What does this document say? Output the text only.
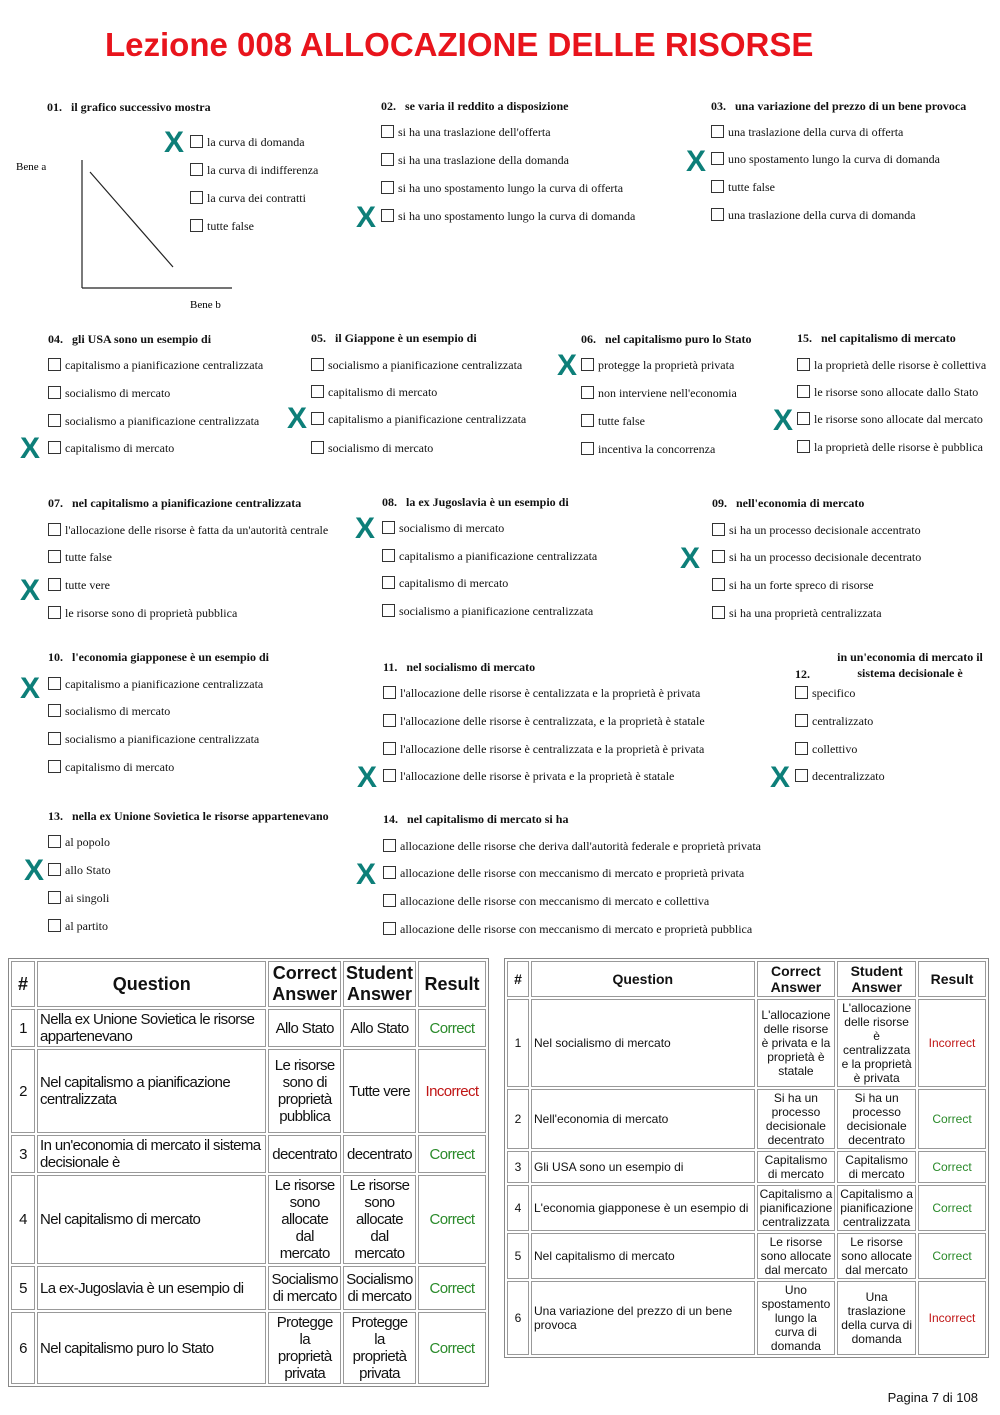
Lezione 008 ALLOCAZIONE DELLE RISORSE
01. il grafico successivo mostra
la curva di domanda
la curva di indifferenza
la curva dei contratti
tutte false
X
02. se varia il reddito a disposizione
si ha una traslazione dell'offerta
si ha una traslazione della domanda
si ha uno spostamento lungo la curva di offerta
si ha uno spostamento lungo la curva di domanda
X
03. una variazione del prezzo di un bene provoca
una traslazione della curva di offerta
uno spostamento lungo la curva di domanda
tutte false
una traslazione della curva di domanda
X
04. gli USA sono un esempio di
capitalismo a pianificazione centralizzata
socialismo di mercato
socialismo a pianificazione centralizzata
capitalismo di mercato
X
05. il Giappone è un esempio di
socialismo a pianificazione centralizzata
capitalismo di mercato
capitalismo a pianificazione centralizzata
socialismo di mercato
X
06. nel capitalismo puro lo Stato
protegge la proprietà privata
non interviene nell'economia
tutte false
incentiva la concorrenza
X
15. nel capitalismo di mercato
la proprietà delle risorse è collettiva
le risorse sono allocate dallo Stato
le risorse sono allocate dal mercato
la proprietà delle risorse è pubblica
X
07. nel capitalismo a pianificazione centralizzata
l'allocazione delle risorse è fatta da un'autorità centrale
tutte false
tutte vere
le risorse sono di proprietà pubblica
X
08. la ex Jugoslavia è un esempio di
socialismo di mercato
capitalismo a pianificazione centralizzata
capitalismo di mercato
socialismo a pianificazione centralizzata
X
09. nell'economia di mercato
si ha un processo decisionale accentrato
si ha un processo decisionale decentrato
si ha un forte spreco di risorse
si ha una proprietà centralizzata
X
10. l'economia giapponese è un esempio di
capitalismo a pianificazione centralizzata
socialismo di mercato
socialismo a pianificazione centralizzata
capitalismo di mercato
X
11. nel socialismo di mercato
l'allocazione delle risorse è centalizzata e la proprietà è privata
l'allocazione delle risorse è centralizzata, e la proprietà è statale
l'allocazione delle risorse è centralizzata e la proprietà è privata
l'allocazione delle risorse è privata e la proprietà è statale
X
12.
in un'economia di mercato il sistema decisionale è
specifico
centralizzato
collettivo
decentralizzato
X
13. nella ex Unione Sovietica le risorse appartenevano
al popolo
allo Stato
ai singoli
al partito
X
14. nel capitalismo di mercato si ha
allocazione delle risorse che deriva dall'autorità federale e proprietà privata
allocazione delle risorse con meccanismo di mercato e proprietà privata
allocazione delle risorse con meccanismo di mercato e collettiva
allocazione delle risorse con meccanismo di mercato e proprietà pubblica
X
Bene a
Bene b
#	Question	Correct Answer	Student Answer	Result
1	Nella ex Unione Sovietica le risorse appartenevano	Allo Stato	Allo Stato	Correct
2	Nel capitalismo a pianificazione centralizzata	Le risorse sono di proprietà pubblica	Tutte vere	Incorrect
3	In un'economia di mercato il sistema decisionale è	decentrato	decentrato	Correct
4	Nel capitalismo di mercato	Le risorse sono allocate dal mercato	Le risorse sono allocate dal mercato	Correct
5	La ex-Jugoslavia è un esempio di	Socialismo di mercato	Socialismo di mercato	Correct
6	Nel capitalismo puro lo Stato	Protegge la proprietà privata	Protegge la proprietà privata	Correct
#	Question	Correct Answer	Student Answer	Result
1	Nel socialismo di mercato	L'allocazione delle risorse è privata e la proprietà è statale	L'allocazione delle risorse è centralizzata e la proprietà è privata	Incorrect
2	Nell'economia di mercato	Si ha un processo decisionale decentrato	Si ha un processo decisionale decentrato	Correct
3	Gli USA sono un esempio di	Capitalismo di mercato	Capitalismo di mercato	Correct
4	L'economia giapponese è un esempio di	Capitalismo a pianificazione centralizzata	Capitalismo a pianificazione centralizzata	Correct
5	Nel capitalismo di mercato	Le risorse sono allocate dal mercato	Le risorse sono allocate dal mercato	Correct
6	Una variazione del prezzo di un bene provoca	Uno spostamento lungo la curva di domanda	Una traslazione della curva di domanda	Incorrect
Pagina 7 di 108
